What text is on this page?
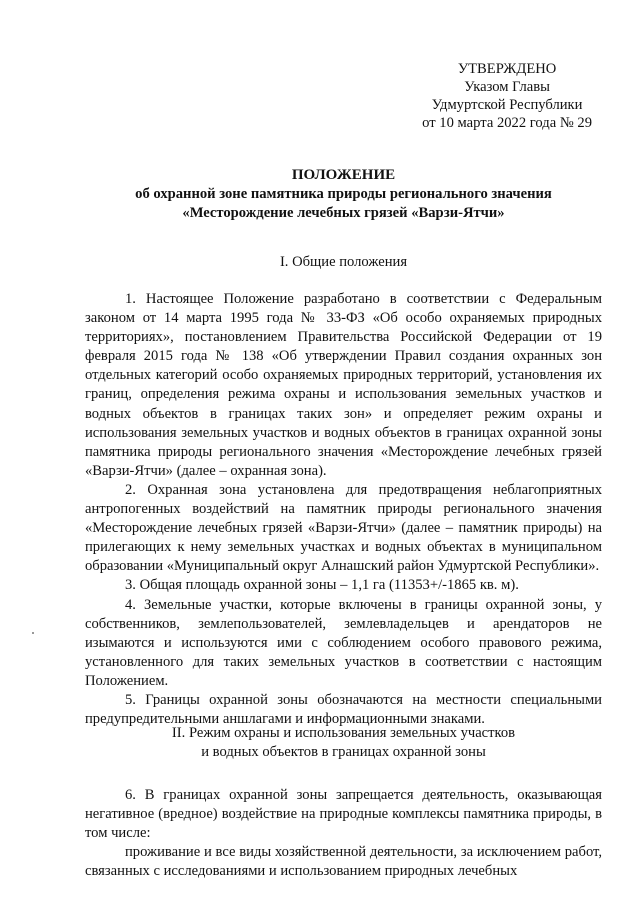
УТВЕРЖДЕНО
Указом Главы
Удмуртской Республики
от 10 марта 2022 года № 29
ПОЛОЖЕНИЕ
об охранной зоне памятника природы регионального значения
«Месторождение лечебных грязей «Варзи-Ятчи»
I. Общие положения

1. Настоящее Положение разработано в соответствии с Федеральным законом от 14 марта 1995 года № 33-ФЗ «Об особо охраняемых природных территориях», постановлением Правительства Российской Федерации от 19 февраля 2015 года № 138 «Об утверждении Правил создания охранных зон отдельных категорий особо охраняемых природных территорий, установления их границ, определения режима охраны и использования земельных участков и водных объектов в границах таких зон» и определяет режим охраны и использования земельных участков и водных объектов в границах охранной зоны памятника природы регионального значения «Месторождение лечебных грязей «Варзи-Ятчи» (далее – охранная зона).

2. Охранная зона установлена для предотвращения неблагоприятных антропогенных воздействий на памятник природы регионального значения «Месторождение лечебных грязей «Варзи-Ятчи» (далее – памятник природы) на прилегающих к нему земельных участках и водных объектах в муниципальном образовании «Муниципальный округ Алнашский район Удмуртской Республики».

3. Общая площадь охранной зоны – 1,1 га (11353+/-1865 кв. м).

4. Земельные участки, которые включены в границы охранной зоны, у собственников, землепользователей, землевладельцев и арендаторов не изымаются и используются ими с соблюдением особого правового режима, установленного для таких земельных участков в соответствии с настоящим Положением.

5. Границы охранной зоны обозначаются на местности специальными предупредительными аншлагами и информационными знаками.

II. Режим охраны и использования земельных участков
и водных объектов в границах охранной зоны

6. В границах охранной зоны запрещается деятельность, оказывающая негативное (вредное) воздействие на природные комплексы памятника природы, в том числе:

проживание и все виды хозяйственной деятельности, за исключением работ, связанных с исследованиями и использованием природных лечебных
